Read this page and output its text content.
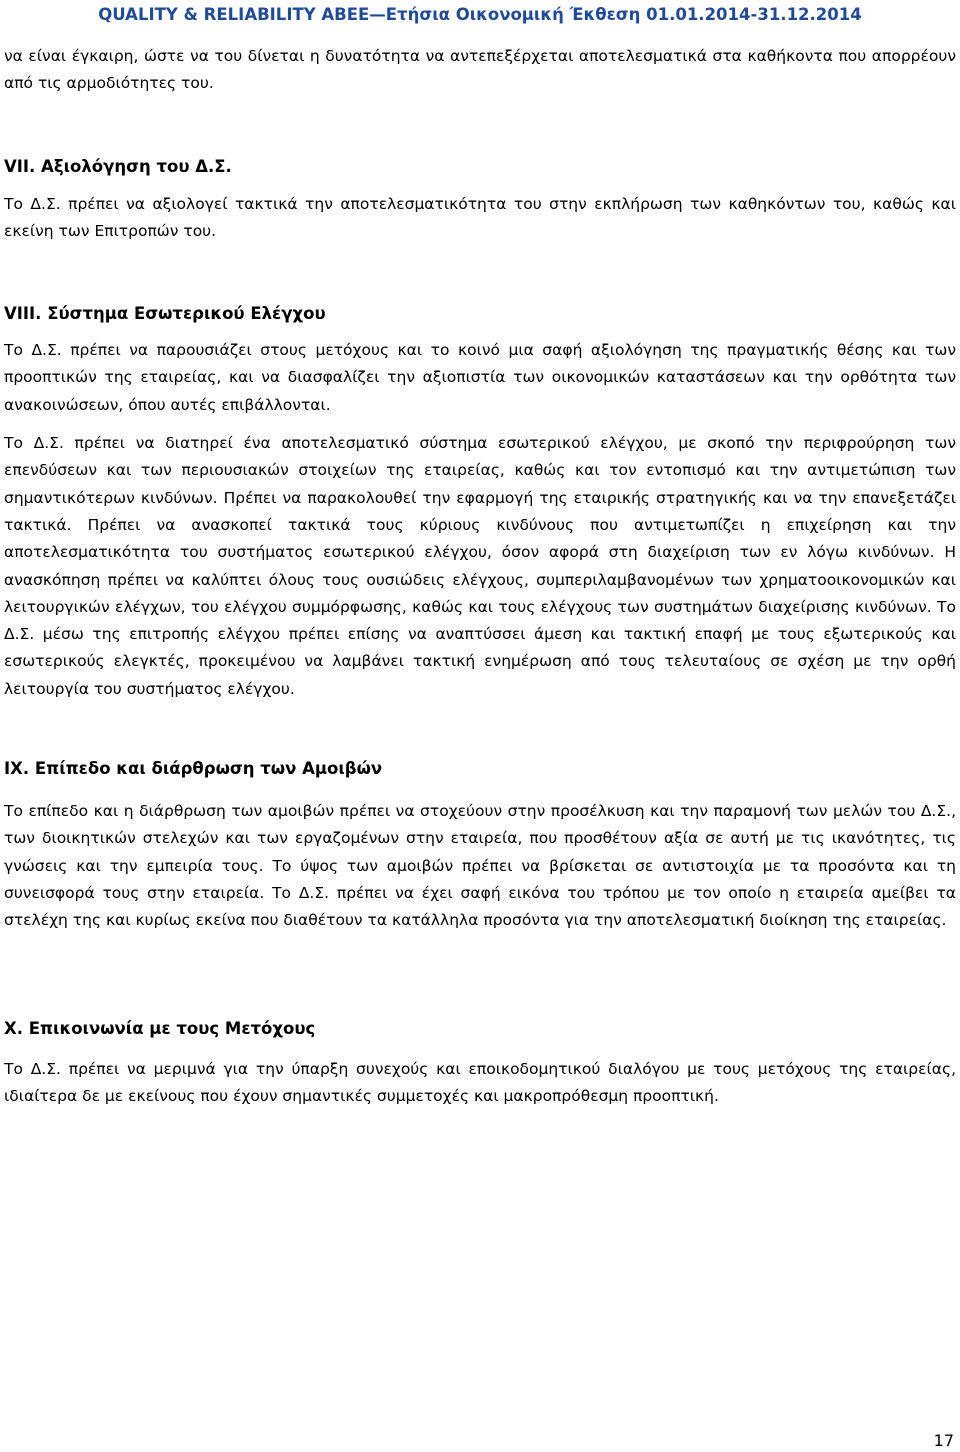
QUALITY & RELIABILITY ABEE—Ετήσια Οικονομική Έκθεση 01.01.2014-31.12.2014

να είναι έγκαιρη, ώστε να του δίνεται η δυνατότητα να αντεπεξέρχεται αποτελεσματικά στα καθήκοντα που απορρέουν από τις αρμοδιότητες του.

VII. Αξιολόγηση του Δ.Σ.

Το Δ.Σ. πρέπει να αξιολογεί τακτικά την αποτελεσματικότητα του στην εκπλήρωση των καθηκόντων του, καθώς και εκείνη των Επιτροπών του.

VIII. Σύστημα Εσωτερικού Ελέγχου

Το Δ.Σ. πρέπει να παρουσιάζει στους μετόχους και το κοινό μια σαφή αξιολόγηση της πραγματικής θέσης και των προοπτικών της εταιρείας, και να διασφαλίζει την αξιοπιστία των οικονομικών καταστάσεων και την ορθότητα των ανακοινώσεων, όπου αυτές επιβάλλονται.

Το Δ.Σ. πρέπει να διατηρεί ένα αποτελεσματικό σύστημα εσωτερικού ελέγχου, με σκοπό την περιφρούρηση των επενδύσεων και των περιουσιακών στοιχείων της εταιρείας, καθώς και τον εντοπισμό και την αντιμετώπιση των σημαντικότερων κινδύνων. Πρέπει να παρακολουθεί την εφαρμογή της εταιρικής στρατηγικής και να την επανεξετάζει τακτικά. Πρέπει να ανασκοπεί τακτικά τους κύριους κινδύνους που αντιμετωπίζει η επιχείρηση και την αποτελεσματικότητα του συστήματος εσωτερικού ελέγχου, όσον αφορά στη διαχείριση των εν λόγω κινδύνων. Η ανασκόπηση πρέπει να καλύπτει όλους τους ουσιώδεις ελέγχους, συμπεριλαμβανομένων των χρηματοοικονομικών και λειτουργικών ελέγχων, του ελέγχου συμμόρφωσης, καθώς και τους ελέγχους των συστημάτων διαχείρισης κινδύνων. Το Δ.Σ. μέσω της επιτροπής ελέγχου πρέπει επίσης να αναπτύσσει άμεση και τακτική επαφή με τους εξωτερικούς και εσωτερικούς ελεγκτές, προκειμένου να λαμβάνει τακτική ενημέρωση από τους τελευταίους σε σχέση με την ορθή λειτουργία του συστήματος ελέγχου.

IX. Επίπεδο και διάρθρωση των Αμοιβών

Το επίπεδο και η διάρθρωση των αμοιβών πρέπει να στοχεύουν στην προσέλκυση και την παραμονή των μελών του Δ.Σ., των διοικητικών στελεχών και των εργαζομένων στην εταιρεία, που προσθέτουν αξία σε αυτή με τις ικανότητες, τις γνώσεις και την εμπειρία τους. Το ύψος των αμοιβών πρέπει να βρίσκεται σε αντιστοιχία με τα προσόντα και τη συνεισφορά τους στην εταιρεία. Το Δ.Σ. πρέπει να έχει σαφή εικόνα του τρόπου με τον οποίο η εταιρεία αμείβει τα στελέχη της και κυρίως εκείνα που διαθέτουν τα κατάλληλα προσόντα για την αποτελεσματική διοίκηση της εταιρείας.

X. Επικοινωνία με τους Μετόχους

Το Δ.Σ. πρέπει να μεριμνά για την ύπαρξη συνεχούς και εποικοδομητικού διαλόγου με τους μετόχους της εταιρείας, ιδιαίτερα δε με εκείνους που έχουν σημαντικές συμμετοχές και μακροπρόθεσμη προοπτική.

17
